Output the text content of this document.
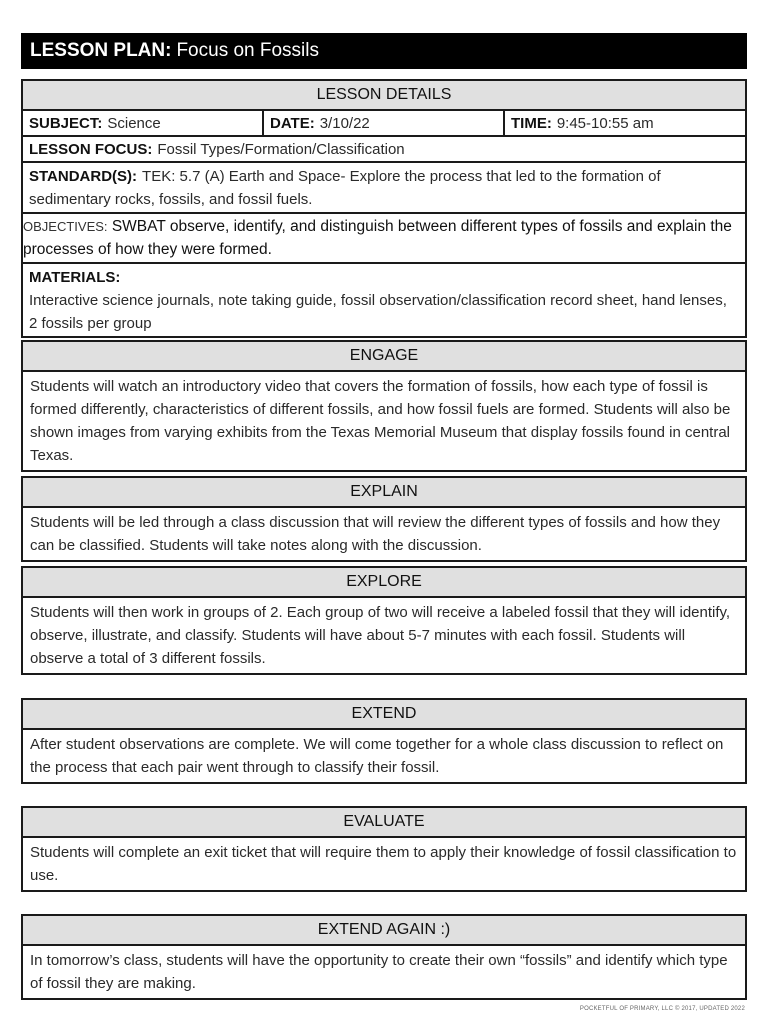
LESSON PLAN: Focus on Fossils
LESSON DETAILS
SUBJECT: Science	DATE: 3/10/22	TIME: 9:45-10:55 am
LESSON FOCUS: Fossil Types/Formation/Classification
STANDARD(S): TEK: 5.7 (A) Earth and Space- Explore the process that led to the formation of sedimentary rocks, fossils, and fossil fuels.
OBJECTIVES: SWBAT observe, identify, and distinguish between different types of fossils and explain the processes of how they were formed.
MATERIALS:
Interactive science journals, note taking guide, fossil observation/classification record sheet, hand lenses, 2 fossils per group
ENGAGE
Students will watch an introductory video that covers the formation of fossils, how each type of fossil is formed differently, characteristics of different fossils, and how fossil fuels are formed. Students will also be shown images from varying exhibits from the Texas Memorial Museum that display fossils found in central Texas.
EXPLAIN
Students will be led through a class discussion that will review the different types of fossils and how they can be classified. Students will take notes along with the discussion.
EXPLORE
Students will then work in groups of 2. Each group of two will receive a labeled fossil that they will identify, observe, illustrate, and classify. Students will have about 5-7 minutes with each fossil. Students will observe a total of 3 different fossils.
EXTEND
After student observations are complete. We will come together for a whole class discussion to reflect on the process that each pair went through to classify their fossil.
EVALUATE
Students will complete an exit ticket that will require them to apply their knowledge of fossil classification to use.
EXTEND AGAIN :)
In tomorrow’s class, students will have the opportunity to create their own “fossils” and identify which type of fossil they are making.
POCKETFUL OF PRIMARY, LLC © 2017, UPDATED 2022
